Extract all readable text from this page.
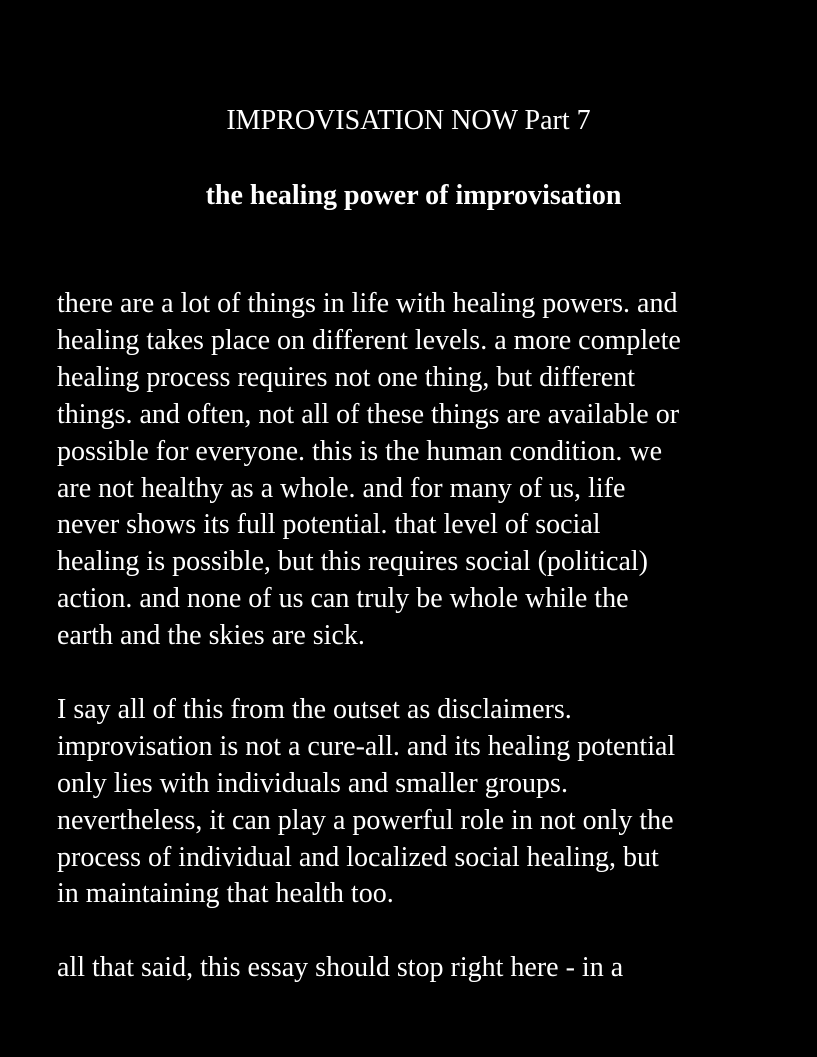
IMPROVISATION NOW Part 7
the healing power of improvisation

there are a lot of things in life with healing powers. and
healing takes place on different levels. a more complete
healing process requires not one thing, but different
things. and often, not all of these things are available or
possible for everyone. this is the human condition. we
are not healthy as a whole. and for many of us, life
never shows its full potential. that level of social
healing is possible, but this requires social (political)
action. and none of us can truly be whole while the
earth and the skies are sick.

I say all of this from the outset as disclaimers.
improvisation is not a cure-all. and its healing potential
only lies with individuals and smaller groups.
nevertheless, it can play a powerful role in not only the
process of individual and localized social healing, but
in maintaining that health too.

all that said, this essay should stop right here - in a
